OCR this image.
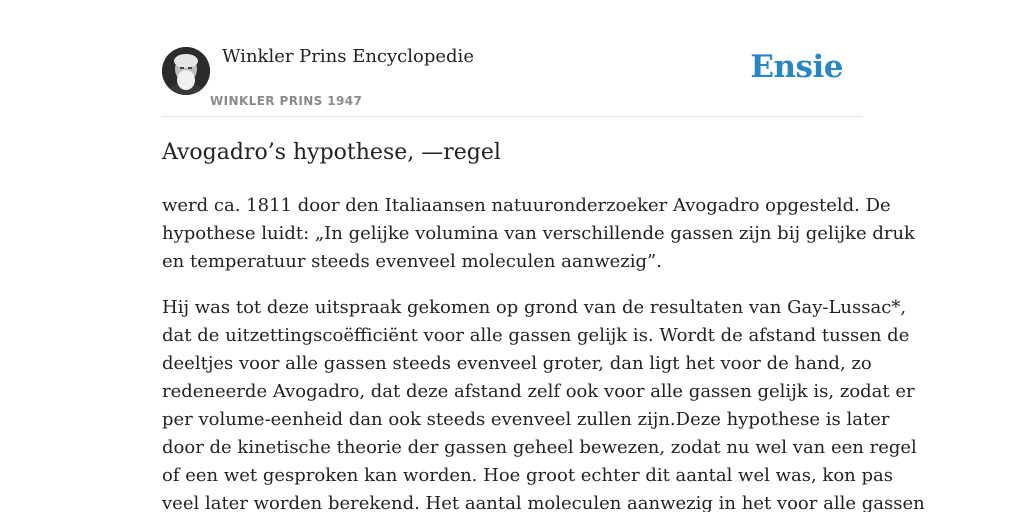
Winkler Prins Encyclopedie
WINKLER PRINS 1947
Ensie
Avogadro’s hypothese, —regel

werd ca. 1811 door den Italiaansen natuuronderzoeker Avogadro opgesteld. De
hypothese luidt: „In gelijke volumina van verschillende gassen zijn bij gelijke druk
en temperatuur steeds evenveel moleculen aanwezig”.

Hij was tot deze uitspraak gekomen op grond van de resultaten van Gay-Lussac*,
dat de uitzettingscoëfficiënt voor alle gassen gelijk is. Wordt de afstand tussen de
deeltjes voor alle gassen steeds evenveel groter, dan ligt het voor de hand, zo
redeneerde Avogadro, dat deze afstand zelf ook voor alle gassen gelijk is, zodat er
per volume-eenheid dan ook steeds evenveel zullen zijn.Deze hypothese is later
door de kinetische theorie der gassen geheel bewezen, zodat nu wel van een regel
of een wet gesproken kan worden. Hoe groot echter dit aantal wel was, kon pas
veel later worden berekend. Het aantal moleculen aanwezig in het voor alle gassen
